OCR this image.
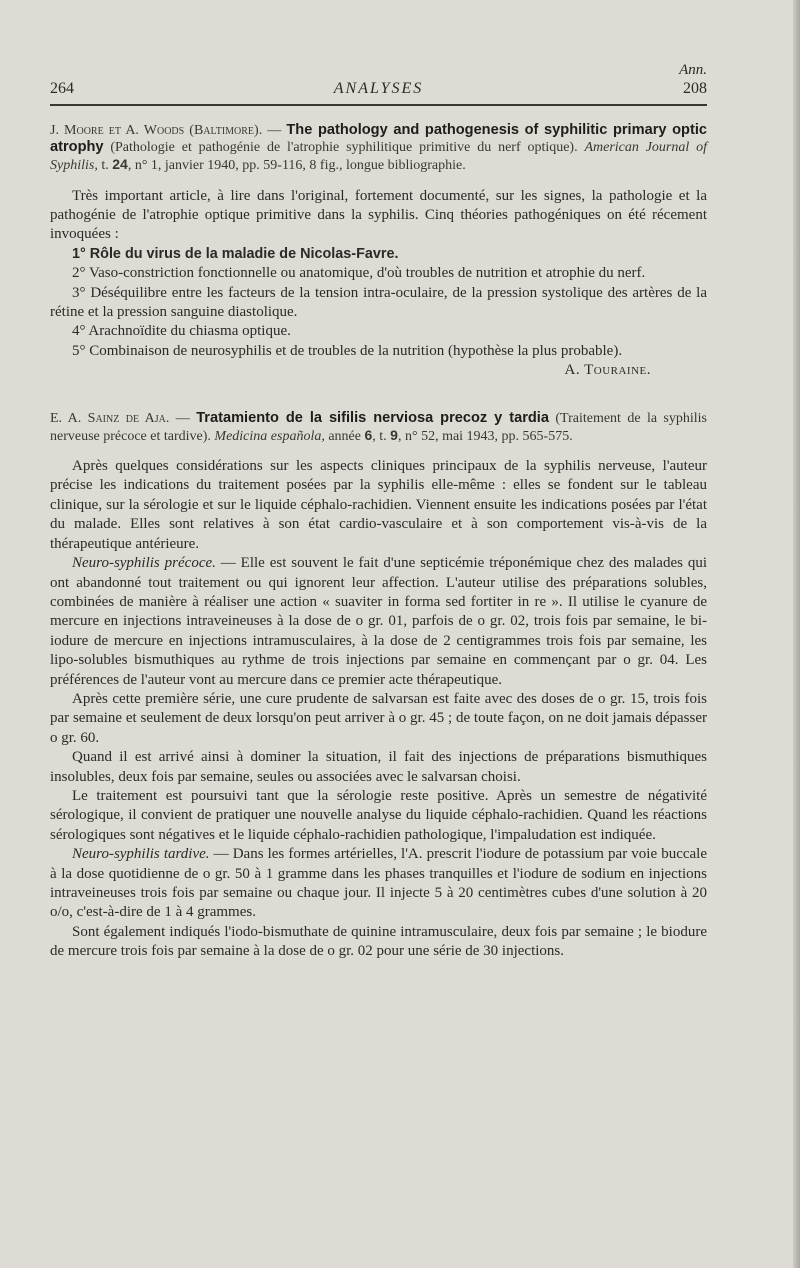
Ann.
264	ANALYSES	208

J. Moore et A. Woods (Baltimore). — The pathology and pathogenesis of syphilitic primary optic atrophy (Pathologie et pathogénie de l'atrophie syphilitique primitive du nerf optique). American Journal of Syphilis, t. 24, n° 1, janvier 1940, pp. 59-116, 8 fig., longue bibliographie.

Très important article, à lire dans l'original, fortement documenté, sur les signes, la pathologie et la pathogénie de l'atrophie optique primitive dans la syphilis. Cinq théories pathogéniques on été récement invoquées :

1° Rôle du virus de la maladie de Nicolas-Favre.

2° Vaso-constriction fonctionnelle ou anatomique, d'où troubles de nutrition et atrophie du nerf.

3° Déséquilibre entre les facteurs de la tension intra-oculaire, de la pression systolique des artères de la rétine et la pression sanguine diastolique.

4° Arachnoïdite du chiasma optique.

5° Combinaison de neurosyphilis et de troubles de la nutrition (hypothèse la plus probable).
A. Touraine.

E. A. Sainz de Aja. — Tratamiento de la sifilis nerviosa precoz y tardia (Traitement de la syphilis nerveuse précoce et tardive). Medicina española, année 6, t. 9, n° 52, mai 1943, pp. 565-575.

Après quelques considérations sur les aspects cliniques principaux de la syphilis nerveuse, l'auteur précise les indications du traitement posées par la syphilis elle-même : elles se fondent sur le tableau clinique, sur la sérologie et sur le liquide céphalo-rachidien. Viennent ensuite les indications posées par l'état du malade. Elles sont relatives à son état cardio-vasculaire et à son comportement vis-à-vis de la thérapeutique antérieure.

Neuro-syphilis précoce. — Elle est souvent le fait d'une septicémie tréponémique chez des malades qui ont abandonné tout traitement ou qui ignorent leur affection. L'auteur utilise des préparations solubles, combinées de manière à réaliser une action « suaviter in forma sed fortiter in re ». Il utilise le cyanure de mercure en injections intraveineuses à la dose de o gr. 01, parfois de o gr. 02, trois fois par semaine, le bi-iodure de mercure en injections intramusculaires, à la dose de 2 centigrammes trois fois par semaine, les lipo-solubles bismuthiques au rythme de trois injections par semaine en commençant par o gr. 04. Les préférences de l'auteur vont au mercure dans ce premier acte thérapeutique.

Après cette première série, une cure prudente de salvarsan est faite avec des doses de o gr. 15, trois fois par semaine et seulement de deux lorsqu'on peut arriver à o gr. 45 ; de toute façon, on ne doit jamais dépasser o gr. 60.

Quand il est arrivé ainsi à dominer la situation, il fait des injections de préparations bismuthiques insolubles, deux fois par semaine, seules ou associées avec le salvarsan choisi.

Le traitement est poursuivi tant que la sérologie reste positive. Après un semestre de négativité sérologique, il convient de pratiquer une nouvelle analyse du liquide céphalo-rachidien. Quand les réactions sérologiques sont négatives et le liquide céphalo-rachidien pathologique, l'impaludation est indiquée.

Neuro-syphilis tardive. — Dans les formes artérielles, l'A. prescrit l'iodure de potassium par voie buccale à la dose quotidienne de o gr. 50 à 1 gramme dans les phases tranquilles et l'iodure de sodium en injections intraveineuses trois fois par semaine ou chaque jour. Il injecte 5 à 20 centimètres cubes d'une solution à 20 o/o, c'est-à-dire de 1 à 4 grammes.

Sont également indiqués l'iodo-bismuthate de quinine intramusculaire, deux fois par semaine ; le biodure de mercure trois fois par semaine à la dose de o gr. 02 pour une série de 30 injections.
